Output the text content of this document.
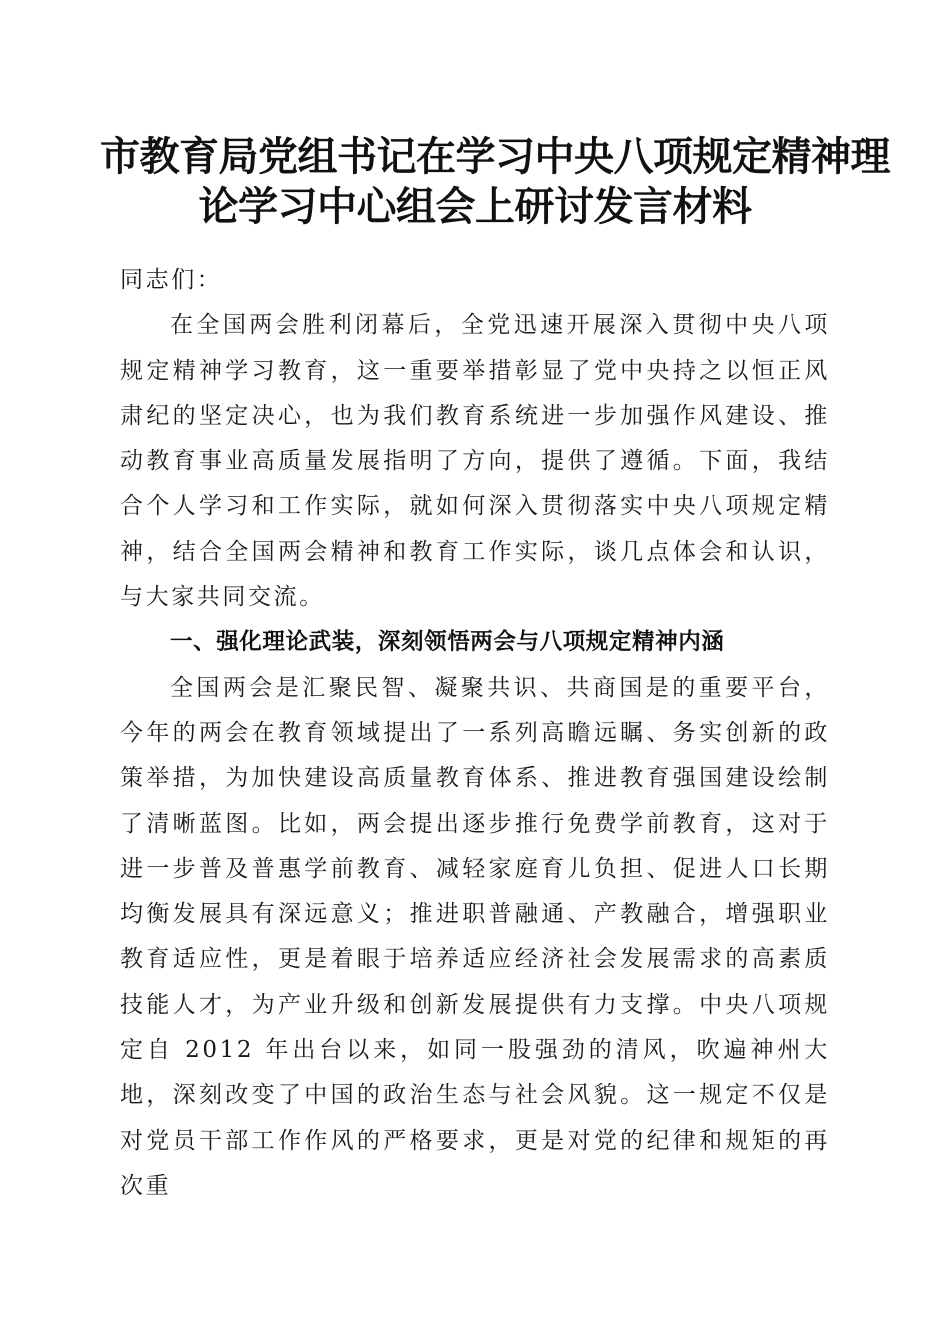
市教育局党组书记在学习中央八项规定精神理
论学习中心组会上研讨发言材料

同志们：

在全国两会胜利闭幕后，全党迅速开展深入贯彻中央八项规定精神学习教育，这一重要举措彰显了党中央持之以恒正风肃纪的坚定决心，也为我们教育系统进一步加强作风建设、推动教育事业高质量发展指明了方向，提供了遵循。下面，我结合个人学习和工作实际，就如何深入贯彻落实中央八项规定精神，结合全国两会精神和教育工作实际，谈几点体会和认识，与大家共同交流。

一、强化理论武装，深刻领悟两会与八项规定精神内涵

全国两会是汇聚民智、凝聚共识、共商国是的重要平台，今年的两会在教育领域提出了一系列高瞻远瞩、务实创新的政策举措，为加快建设高质量教育体系、推进教育强国建设绘制了清晰蓝图。比如，两会提出逐步推行免费学前教育，这对于进一步普及普惠学前教育、减轻家庭育儿负担、促进人口长期均衡发展具有深远意义；推进职普融通、产教融合，增强职业教育适应性，更是着眼于培养适应经济社会发展需求的高素质技能人才，为产业升级和创新发展提供有力支撑。中央八项规定自 2012 年出台以来，如同一股强劲的清风，吹遍神州大地，深刻改变了中国的政治生态与社会风貌。这一规定不仅是对党员干部工作作风的严格要求，更是对党的纪律和规矩的再次重
